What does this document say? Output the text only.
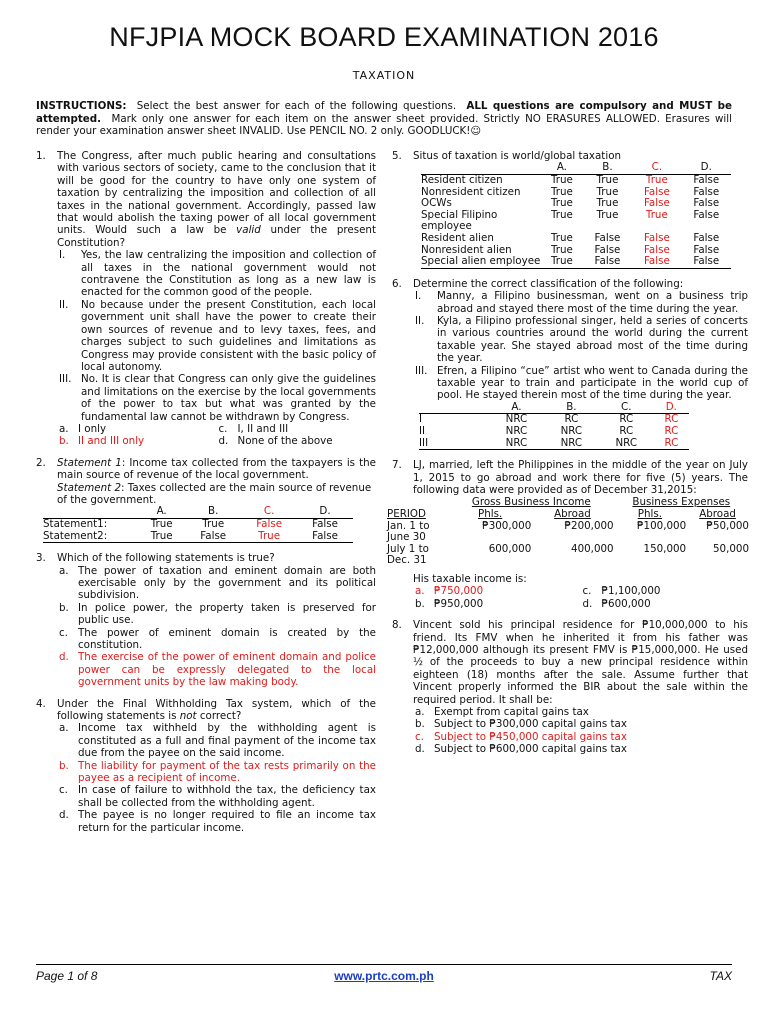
NFJPIA MOCK BOARD EXAMINATION 2016
TAXATION
INSTRUCTIONS: Select the best answer for each of the following questions. ALL questions are compulsory and MUST be attempted. Mark only one answer for each item on the answer sheet provided. Strictly NO ERASURES ALLOWED. Erasures will render your examination answer sheet INVALID. Use PENCIL NO. 2 only. GOODLUCK!☺
1. The Congress, after much public hearing and consultations with various sectors of society, came to the conclusion that it will be good for the country to have only one system of taxation by centralizing the imposition and collection of all taxes in the national government. Accordingly, passed law that would abolish the taxing power of all local government units. Would such a law be valid under the present Constitution?
I. Yes, the law centralizing the imposition and collection of all taxes in the national government would not contravene the Constitution as long as a new law is enacted for the common good of the people.
II. No because under the present Constitution, each local government unit shall have the power to create their own sources of revenue and to levy taxes, fees, and charges subject to such guidelines and limitations as Congress may provide consistent with the basic policy of local autonomy.
III. No. It is clear that Congress can only give the guidelines and limitations on the exercise by the local governments of the power to tax but what was granted by the fundamental law cannot be withdrawn by Congress.
a. I only	c. I, II and III
b. II and III only	d. None of the above
2. Statement 1: Income tax collected from the taxpayers is the main source of revenue of the local government.
Statement 2: Taxes collected are the main source of revenue of the government.
	A.	B.	C.	D.
Statement1:	True	True	False	False
Statement2:	True	False	True	False
3. Which of the following statements is true?
a. The power of taxation and eminent domain are both exercisable only by the government and its political subdivision.
b. In police power, the property taken is preserved for public use.
c. The power of eminent domain is created by the constitution.
d. The exercise of the power of eminent domain and police power can be expressly delegated to the local government units by the law making body.
4. Under the Final Withholding Tax system, which of the following statements is not correct?
a. Income tax withheld by the withholding agent is constituted as a full and final payment of the income tax due from the payee on the said income.
b. The liability for payment of the tax rests primarily on the payee as a recipient of income.
c. In case of failure to withhold the tax, the deficiency tax shall be collected from the withholding agent.
d. The payee is no longer required to file an income tax return for the particular income.
5. Situs of taxation is world/global taxation
	A.	B.	C.	D.
Resident citizen	True	True	True	False
Nonresident citizen	True	True	False	False
OCWs	True	True	False	False
Special Filipino employee	True	True	True	False
Resident alien	True	False	False	False
Nonresident alien	True	False	False	False
Special alien employee	True	False	False	False
6. Determine the correct classification of the following:
I. Manny, a Filipino businessman, went on a business trip abroad and stayed there most of the time during the year.
II. Kyla, a Filipino professional singer, held a series of concerts in various countries around the world during the current taxable year. She stayed abroad most of the time during the year.
III. Efren, a Filipino “cue” artist who went to Canada during the taxable year to train and participate in the world cup of pool. He stayed therein most of the time during the year.
	A.	B.	C.	D.
I	NRC	RC	RC	RC
II	NRC	NRC	RC	RC
III	NRC	NRC	NRC	RC
7. LJ, married, left the Philippines in the middle of the year on July 1, 2015 to go abroad and work there for five (5) years. The following data were provided as of December 31,2015:
	Gross Business Income		Business Expenses	
PERIOD	Phls.	Abroad	Phls.	Abroad
Jan. 1 to June 30	₱300,000	₱200,000	₱100,000	₱50,000
July 1 to Dec. 31	600,000	400,000	150,000	50,000
His taxable income is:
a. ₱750,000	c. ₱1,100,000
b. ₱950,000	d. ₱600,000
8. Vincent sold his principal residence for ₱10,000,000 to his friend. Its FMV when he inherited it from his father was ₱12,000,000 although its present FMV is ₱15,000,000. He used ½ of the proceeds to buy a new principal residence within eighteen (18) months after the sale. Assume further that Vincent properly informed the BIR about the sale within the required period. It shall be:
a. Exempt from capital gains tax
b. Subject to ₱300,000 capital gains tax
c. Subject to ₱450,000 capital gains tax
d. Subject to ₱600,000 capital gains tax
Page 1 of 8	www.prtc.com.ph	TAX
